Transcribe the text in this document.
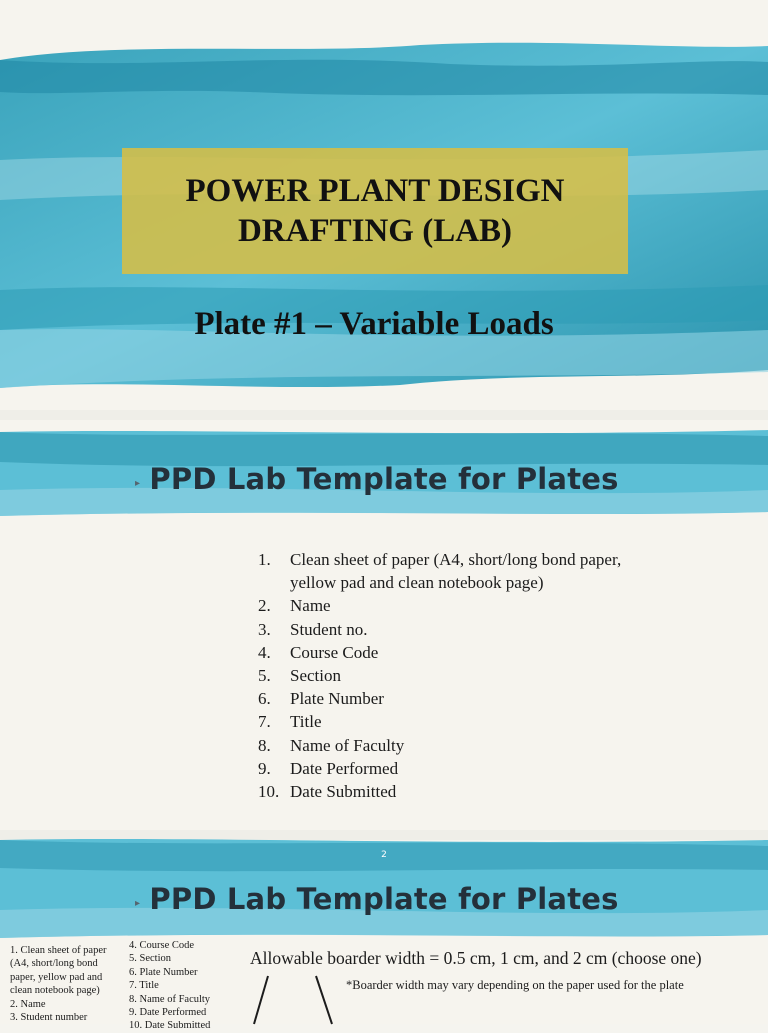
POWER PLANT DESIGN
DRAFTING (LAB)
Plate #1 – Variable Loads
▸ PPD Lab Template for Plates
1.	Clean sheet of paper (A4, short/long bond paper, yellow pad and clean notebook page)
2.	Name
3.	Student no.
4.	Course Code
5.	Section
6.	Plate Number
7.	Title
8.	Name of Faculty
9.	Date Performed
10. Date Submitted
2
▸ PPD Lab Template for Plates
1. Clean sheet of paper
(A4, short/long bond
paper, yellow pad and
clean notebook page)
2. Name
3. Student number
4. Course Code
5. Section
6. Plate Number
7. Title
8. Name of Faculty
9. Date Performed
10. Date Submitted
Allowable boarder width = 0.5 cm, 1 cm, and 2 cm (choose one)
*Boarder width may vary depending on the paper used for the plate
